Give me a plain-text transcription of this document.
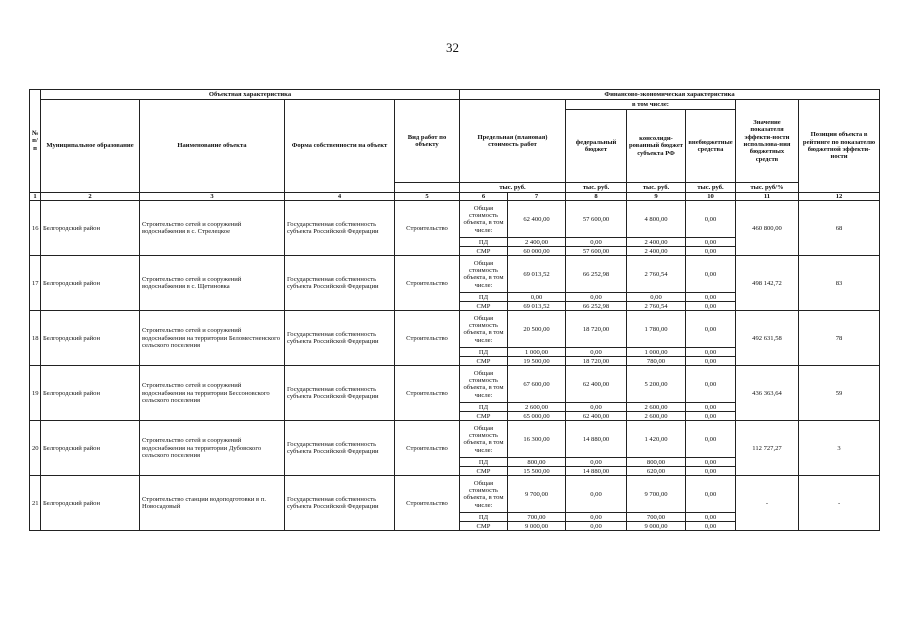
32
№ п/п	Объектная характеристика				Финансово-экономическая характеристика						
	Муниципальное образование	Наименование объекта	Форма собственности на объект	Вид работ по объекту	Предельная (плановая) стоимость работ		в том числе:			Значение показателя эффекти-ности использова-ния бюджетных средств	Позиции объекта в рейтинге по показателю бюджетной эффекти-ности
							федеральный бюджет	консолиди-рованный бюджет субъекта РФ	внебюджетные средства		
					тыс. руб.		тыс. руб.	тыс. руб.	тыс. руб.	тыс. руб/%	
1	2	3	4	5	6	7	8	9	10	11	12
16	Белгородский район	Строительство сетей и сооружений водоснабжения в с. Стрелецкое	Государственная собственность субъекта Российской Федерации	Строительство	Общая стоимость объекта, в том числе:	62 400,00	57 600,00	4 800,00	0,00	460 800,00	68
					ПД	2 400,00	0,00	2 400,00	0,00		
					СМР	60 000,00	57 600,00	2 400,00	0,00		
17	Белгородский район	Строительство сетей и сооружений водоснабжения в с. Щетиновка	Государственная собственность субъекта Российской Федерации	Строительство	Общая стоимость объекта, в том числе:	69 013,52	66 252,98	2 760,54	0,00	498 142,72	83
					ПД	0,00	0,00	0,00	0,00		
					СМР	69 013,52	66 252,98	2 760,54	0,00		
18	Белгородский район	Строительство сетей и сооружений водоснабжения на территории Беломестненского сельского поселения	Государственная собственность субъекта Российской Федерации	Строительство	Общая стоимость объекта, в том числе:	20 500,00	18 720,00	1 780,00	0,00	492 631,58	78
					ПД	1 000,00	0,00	1 000,00	0,00		
					СМР	19 500,00	18 720,00	780,00	0,00		
19	Белгородский район	Строительство сетей и сооружений водоснабжения на территории Бессоновского сельского поселения	Государственная собственность субъекта Российской Федерации	Строительство	Общая стоимость объекта, в том числе:	67 600,00	62 400,00	5 200,00	0,00	436 363,64	59
					ПД	2 600,00	0,00	2 600,00	0,00		
					СМР	65 000,00	62 400,00	2 600,00	0,00		
20	Белгородский район	Строительство сетей и сооружений водоснабжения на территории Дубовского сельского поселения	Государственная собственность субъекта Российской Федерации	Строительство	Общая стоимость объекта, в том числе:	16 300,00	14 880,00	1 420,00	0,00	112 727,27	3
					ПД	800,00	0,00	800,00	0,00		
					СМР	15 500,00	14 880,00	620,00	0,00		
21	Белгородский район	Строительство станции водоподготовки в п. Новосадовый	Государственная собственность субъекта Российской Федерации	Строительство	Общая стоимость объекта, в том числе:	9 700,00	0,00	9 700,00	0,00	-	-
					ПД	700,00	0,00	700,00	0,00		
					СМР	9 000,00	0,00	9 000,00	0,00		
